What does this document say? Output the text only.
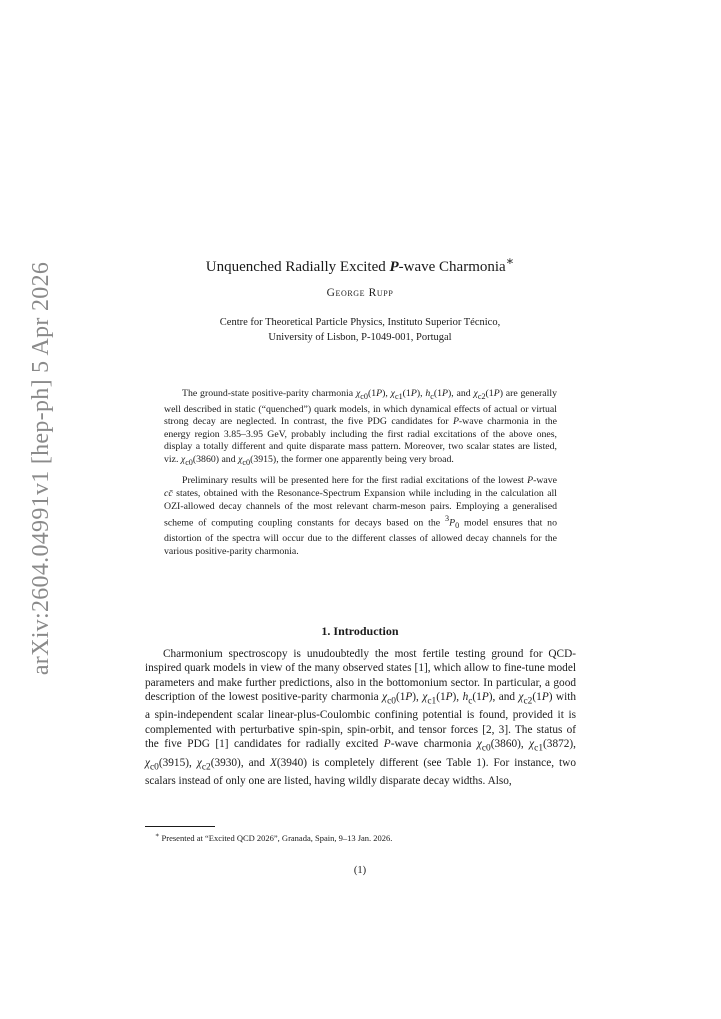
arXiv:2604.04991v1 [hep-ph] 5 Apr 2026	Unquenched Radially Excited P-wave Charmonia∗
George Rupp
Centre for Theoretical Particle Physics, Instituto Superior Técnico,
University of Lisbon, P-1049-001, Portugal

The ground-state positive-parity charmonia $\chi_{c0}(1P)$, $\chi_{c1}(1P)$, $h_c(1P)$, and $\chi_{c2}(1P)$ are generally well described in static (“quenched”) quark models, in which dynamical effects of actual or virtual strong decay are neglected. In contrast, the five PDG candidates for P-wave charmonia in the energy region 3.85–3.95 GeV, probably including the first radial excitations of the above ones, display a totally different and quite disparate mass pattern. Moreover, two scalar states are listed, viz. $\chi_{c0}(3860)$ and $\chi_{c0}(3915)$, the former one apparently being very broad.

Preliminary results will be presented here for the first radial excitations of the lowest P-wave cc̄ states, obtained with the Resonance-Spectrum Expansion while including in the calculation all OZI-allowed decay channels of the most relevant charm-meson pairs. Employing a generalised scheme of computing coupling constants for decays based on the $^3P_0$ model ensures that no distortion of the spectra will occur due to the different classes of allowed decay channels for the various positive-parity charmonia.

1. Introduction

Charmonium spectroscopy is unudoubtedly the most fertile testing ground for QCD-inspired quark models in view of the many observed states [1], which allow to fine-tune model parameters and make further predictions, also in the bottomonium sector. In particular, a good description of the lowest positive-parity charmonia $\chi_{c0}(1P)$, $\chi_{c1}(1P)$, $h_c(1P)$, and $\chi_{c2}(1P)$ with a spin-independent scalar linear-plus-Coulombic confining potential is found, provided it is complemented with perturbative spin-spin, spin-orbit, and tensor forces [2, 3]. The status of the five PDG [1] candidates for radially excited P-wave charmonia $\chi_{c0}(3860)$, $\chi_{c1}(3872)$, $\chi_{c0}(3915)$, $\chi_{c2}(3930)$, and X(3940) is completely different (see Table 1). For instance, two scalars instead of only one are listed, having wildly disparate decay widths. Also,

∗ Presented at “Excited QCD 2026”, Granada, Spain, 9–13 Jan. 2026.
(1)
